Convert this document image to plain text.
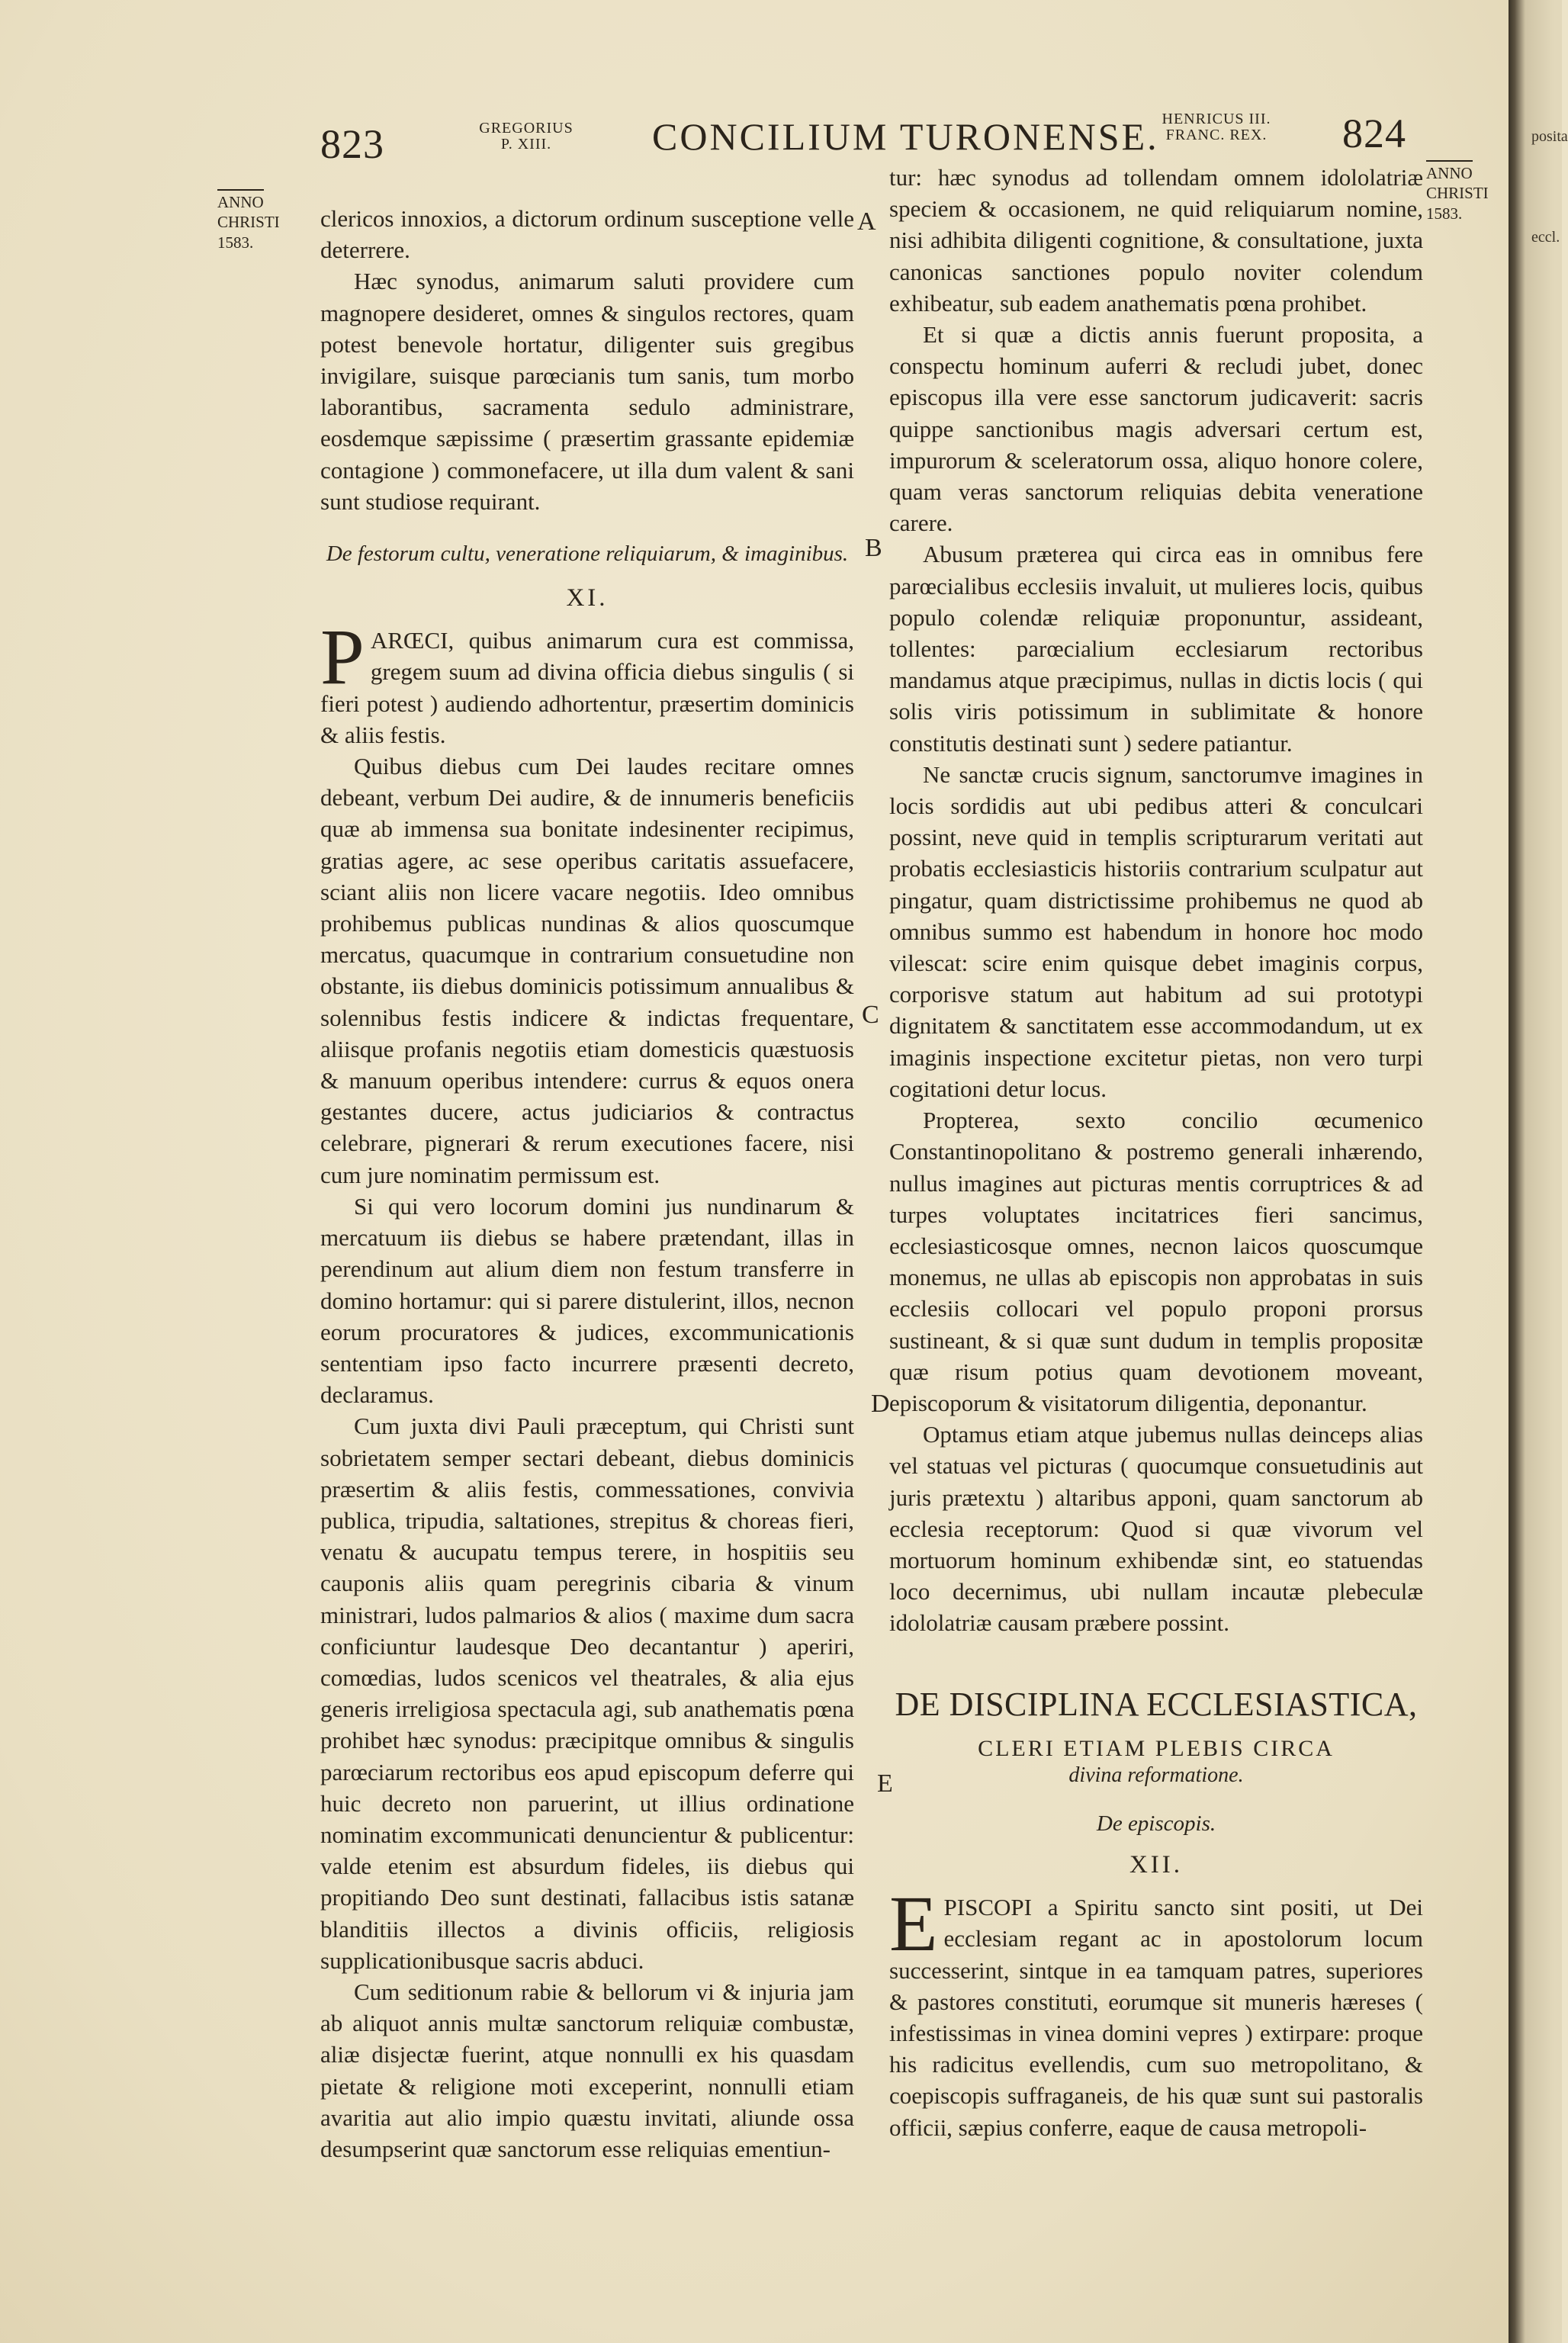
posita
eccl.
823	GREGORIUS
P. XIII.	CONCILIUM TURONENSE. HENRICUS III.
FRANC. REX.	824
ANNO
CHRISTI
1583.
ANNO
CHRISTI
1583.
A
B
C
D
E

clericos innoxios, a dictorum ordinum susceptione velle deterrere.

Hæc synodus, animarum saluti providere cum magnopere desideret, omnes & singulos rectores, quam potest benevole hortatur, diligenter suis gregibus invigilare, suisque parœcianis tum sanis, tum morbo laborantibus, sacramenta sedulo administrare, eosdemque sæpissime ( præsertim grassante epidemiæ contagione ) commonefacere, ut illa dum valent & sani sunt studiose requirant.

De festorum cultu, veneratione reliquiarum, & imaginibus.
XI.

PARŒCI, quibus animarum cura est commissa, gregem suum ad divina officia diebus singulis ( si fieri potest ) audiendo adhortentur, præsertim dominicis & aliis festis.

Quibus diebus cum Dei laudes recitare omnes debeant, verbum Dei audire, & de innumeris beneficiis quæ ab immensa sua bonitate indesinenter recipimus, gratias agere, ac sese operibus caritatis assuefacere, sciant aliis non licere vacare negotiis. Ideo omnibus prohibemus publicas nundinas & alios quoscumque mercatus, quacumque in contrarium consuetudine non obstante, iis diebus dominicis potissimum annualibus & solennibus festis indicere & indictas frequentare, aliisque profanis negotiis etiam domesticis quæstuosis & manuum operibus intendere: currus & equos onera gestantes ducere, actus judiciarios & contractus celebrare, pignerari & rerum executiones facere, nisi cum jure nominatim permissum est.

Si qui vero locorum domini jus nundinarum & mercatuum iis diebus se habere prætendant, illas in perendinum aut alium diem non festum transferre in domino hortamur: qui si parere distulerint, illos, necnon eorum procuratores & judices, excommunicationis sententiam ipso facto incurrere præsenti decreto, declaramus.

Cum juxta divi Pauli præceptum, qui Christi sunt sobrietatem semper sectari debeant, diebus dominicis præsertim & aliis festis, commessationes, convivia publica, tripudia, saltationes, strepitus & choreas fieri, venatu & aucupatu tempus terere, in hospitiis seu cauponis aliis quam peregrinis cibaria & vinum ministrari, ludos palmarios & alios ( maxime dum sacra conficiuntur laudesque Deo decantantur ) aperiri, comœdias, ludos scenicos vel theatrales, & alia ejus generis irreligiosa spectacula agi, sub anathematis pœna prohibet hæc synodus: præcipitque omnibus & singulis parœciarum rectoribus eos apud episcopum deferre qui huic decreto non paruerint, ut illius ordinatione nominatim excommunicati denuncientur & publicentur: valde etenim est absurdum fideles, iis diebus qui propitiando Deo sunt destinati, fallacibus istis satanæ blanditiis illectos a divinis officiis, religiosis supplicationibusque sacris abduci.

Cum seditionum rabie & bellorum vi & injuria jam ab aliquot annis multæ sanctorum reliquiæ combustæ, aliæ disjectæ fuerint, atque nonnulli ex his quasdam pietate & religione moti exceperint, nonnulli etiam avaritia aut alio impio quæstu invitati, aliunde ossa desumpserint quæ sanctorum esse reliquias ementiun-

tur: hæc synodus ad tollendam omnem idololatriæ speciem & occasionem, ne quid reliquiarum nomine, nisi adhibita diligenti cognitione, & consultatione, juxta canonicas sanctiones populo noviter colendum exhibeatur, sub eadem anathematis pœna prohibet.

Et si quæ a dictis annis fuerunt proposita, a conspectu hominum auferri & recludi jubet, donec episcopus illa vere esse sanctorum judicaverit: sacris quippe sanctionibus magis adversari certum est, impurorum & sceleratorum ossa, aliquo honore colere, quam veras sanctorum reliquias debita veneratione carere.

Abusum præterea qui circa eas in omnibus fere parœcialibus ecclesiis invaluit, ut mulieres locis, quibus populo colendæ reliquiæ proponuntur, assideant, tollentes: parœcialium ecclesiarum rectoribus mandamus atque præcipimus, nullas in dictis locis ( qui solis viris potissimum in sublimitate & honore constitutis destinati sunt ) sedere patiantur.

Ne sanctæ crucis signum, sanctorumve imagines in locis sordidis aut ubi pedibus atteri & conculcari possint, neve quid in templis scripturarum veritati aut probatis ecclesiasticis historiis contrarium sculpatur aut pingatur, quam districtissime prohibemus ne quod ab omnibus summo est habendum in honore hoc modo vilescat: scire enim quisque debet imaginis corpus, corporisve statum aut habitum ad sui prototypi dignitatem & sanctitatem esse accommodandum, ut ex imaginis inspectione excitetur pietas, non vero turpi cogitationi detur locus.

Propterea, sexto concilio œcumenico Constantinopolitano & postremo generali inhærendo, nullus imagines aut picturas mentis corruptrices & ad turpes voluptates incitatrices fieri sancimus, ecclesiasticosque omnes, necnon laicos quoscumque monemus, ne ullas ab episcopis non approbatas in suis ecclesiis collocari vel populo proponi prorsus sustineant, & si quæ sunt dudum in templis propositæ quæ risum potius quam devotionem moveant, episcoporum & visitatorum diligentia, deponantur.

Optamus etiam atque jubemus nullas deinceps alias vel statuas vel picturas ( quocumque consuetudinis aut juris prætextu ) altaribus apponi, quam sanctorum ab ecclesia receptorum: Quod si quæ vivorum vel mortuorum hominum exhibendæ sint, eo statuendas loco decernimus, ubi nullam incautæ plebeculæ idololatriæ causam præbere possint.

DE DISCIPLINA ECCLESIASTICA,
CLERI ETIAM PLEBIS CIRCA
divina reformatione.
De episcopis.
XII.

EPISCOPI a Spiritu sancto sint positi, ut Dei ecclesiam regant ac in apostolorum locum successerint, sintque in ea tamquam patres, superiores & pastores constituti, eorumque sit muneris hæreses ( infestissimas in vinea domini vepres ) extirpare: proque his radicitus evellendis, cum suo metropolitano, & coepiscopis suffraganeis, de his quæ sunt sui pastoralis officii, sæpius conferre, eaque de causa metropoli-
